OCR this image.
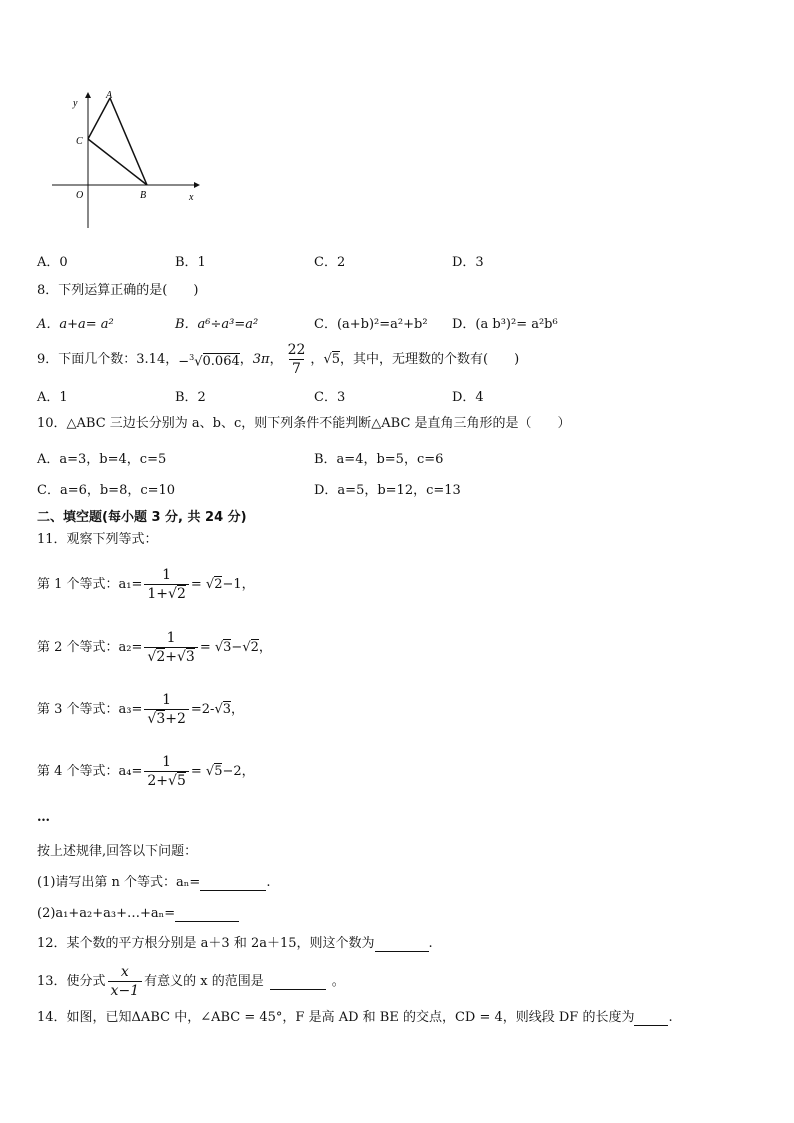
y
A
C
O	B	x
A．0	B．1	C．2	D．3
8．下列运算正确的是(　　)
A．a+a= a²	B．a⁶÷a³=a²	C．(a+b)²=a²+b² D．(a b³)²= a²b⁶
9．下面几个数：3.14， −$^3$√0.064 ， 3π ， $\frac{22}{7}$ ， √5 ，其中，无理数的个数有(　　)
A．1	B．2	C．3	D．4
10．△ABC 三边长分别为 a、b、c，则下列条件不能判断△ABC 是直角三角形的是（　　）
A．a=3，b=4，c=5	B．a=4，b=5，c=6
C．a=6，b=8，c=10	D．a=5，b=12，c=13
二、填空题(每小题 3 分, 共 24 分)
11．观察下列等式：
第 1 个等式：$a_1= \frac{1}{1+√2} = √2 -1$，
第 2 个等式：$a_2= \frac{1}{√2+√3} = √3 - √2$ ，
第 3 个等式：$a_3= \frac{1}{√3+2} =2-$ √3 ，
第 4 个等式：$a_4= \frac{1}{2+√5} = √5 -2$，
…
按上述规律,回答以下问题：
(1)请写出第 n 个等式：aₙ=	.
(2)a₁+a₂+a₃+…+aₙ=
12．某个数的平方根分别是 a＋3 和 2a＋15，则这个数为	.
13．使分式 $\frac{x}{x-1}$ 有意义的 x 的范围是	。
14．如图，已知ΔABC 中，∠ABC = 45°，F 是高 AD 和 BE 的交点，CD = 4，则线段 DF 的长度为	.
